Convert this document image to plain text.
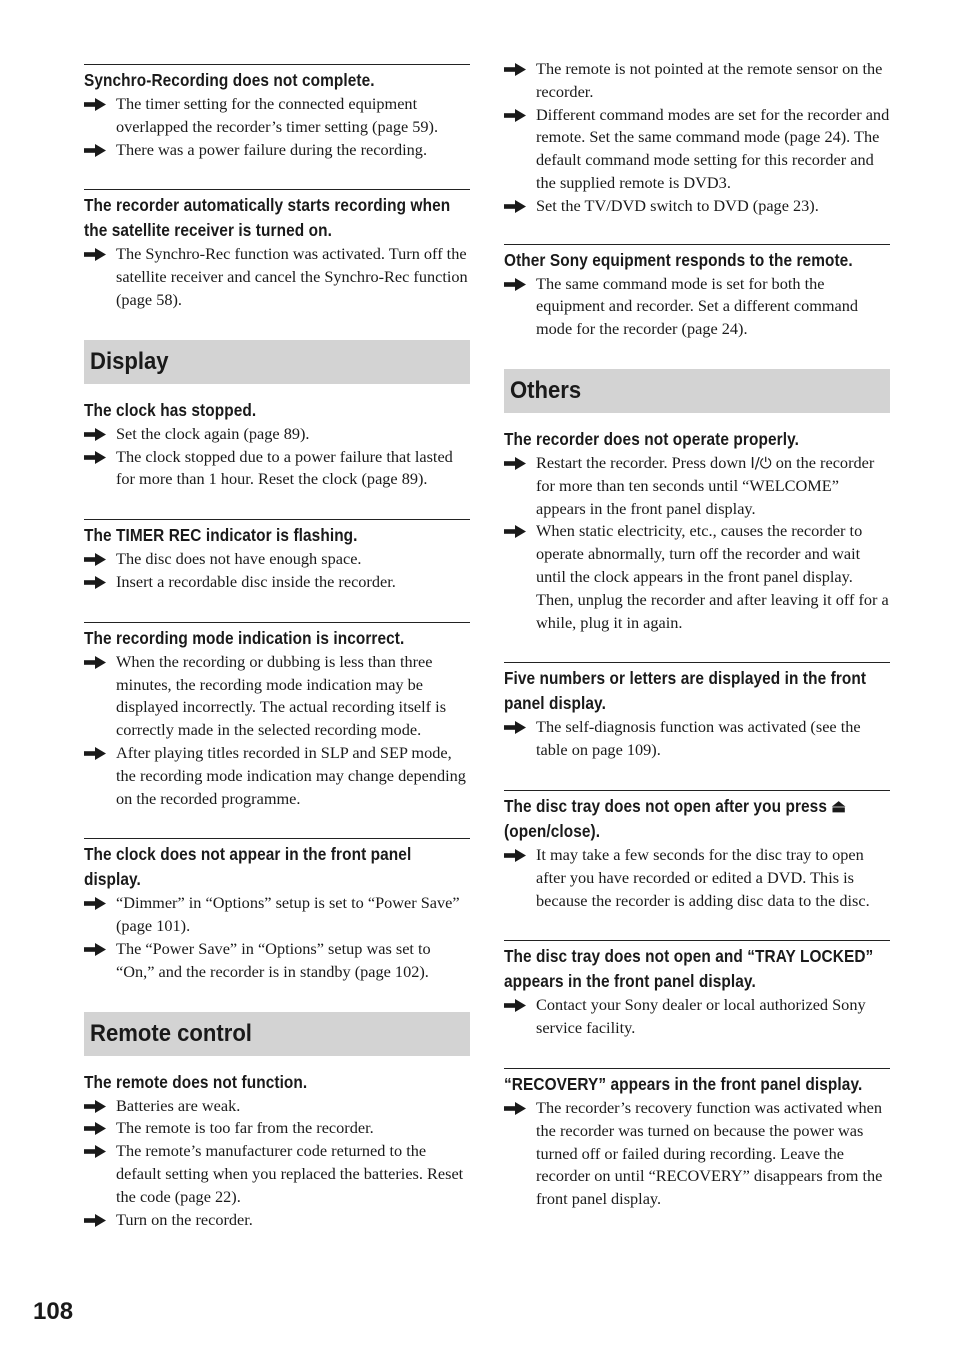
Synchro-Recording does not complete.
The timer setting for the connected equipment overlapped the recorder’s timer setting (page 59).
There was a power failure during the recording.
The recorder automatically starts recording when the satellite receiver is turned on.
The Synchro-Rec function was activated. Turn off the satellite receiver and cancel the Synchro-Rec function (page 58).
Display
The clock has stopped.
Set the clock again (page 89).
The clock stopped due to a power failure that lasted for more than 1 hour. Reset the clock (page 89).
The TIMER REC indicator is flashing.
The disc does not have enough space.
Insert a recordable disc inside the recorder.
The recording mode indication is incorrect.
When the recording or dubbing is less than three minutes, the recording mode indication may be displayed incorrectly. The actual recording itself is correctly made in the selected recording mode.
After playing titles recorded in SLP and SEP mode, the recording mode indication may change depending on the recorded programme.
The clock does not appear in the front panel display.
“Dimmer” in “Options” setup is set to “Power Save” (page 101).
The “Power Save” in “Options” setup was set to “On,” and the recorder is in standby (page 102).
Remote control
The remote does not function.
Batteries are weak.
The remote is too far from the recorder.
The remote’s manufacturer code returned to the default setting when you replaced the batteries. Reset the code (page 22).
Turn on the recorder.
The remote is not pointed at the remote sensor on the recorder.
Different command modes are set for the recorder and remote. Set the same command mode (page 24). The default command mode setting for this recorder and the supplied remote is DVD3.
Set the TV/DVD switch to DVD (page 23).
Other Sony equipment responds to the remote.
The same command mode is set for both the equipment and recorder. Set a different command mode for the recorder (page 24).
Others
The recorder does not operate properly.
Restart the recorder. Press down I/⏻ on the recorder for more than ten seconds until “WELCOME” appears in the front panel display.
When static electricity, etc., causes the recorder to operate abnormally, turn off the recorder and wait until the clock appears in the front panel display. Then, unplug the recorder and after leaving it off for a while, plug it in again.
Five numbers or letters are displayed in the front panel display.
The self-diagnosis function was activated (see the table on page 109).
The disc tray does not open after you press ⏏ (open/close).
It may take a few seconds for the disc tray to open after you have recorded or edited a DVD. This is because the recorder is adding disc data to the disc.
The disc tray does not open and “TRAY LOCKED” appears in the front panel display.
Contact your Sony dealer or local authorized Sony service facility.
“RECOVERY” appears in the front panel display.
The recorder’s recovery function was activated when the recorder was turned on because the power was turned off or failed during recording. Leave the recorder on until “RECOVERY” disappears from the front panel display.
108
